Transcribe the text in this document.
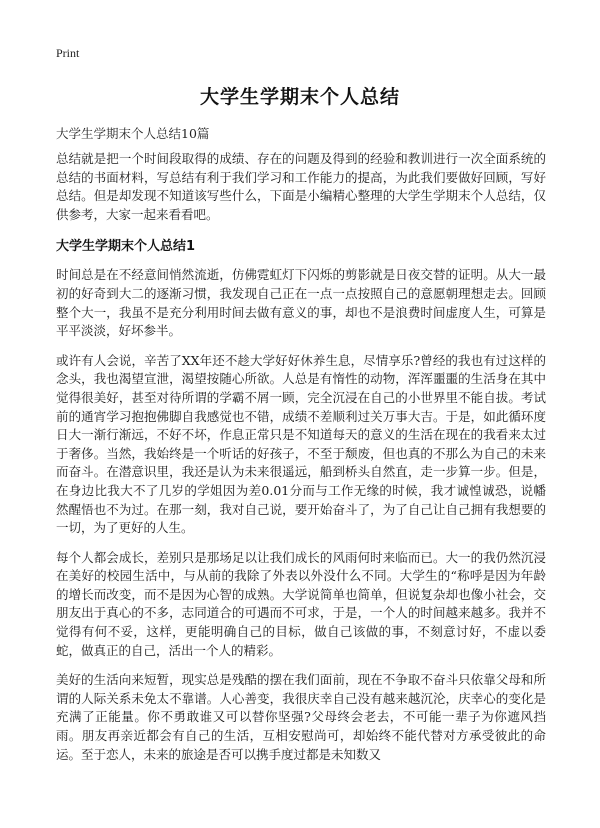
Print
大学生学期末个人总结
大学生学期末个人总结10篇

总结就是把一个时间段取得的成绩、存在的问题及得到的经验和教训进行一次全面系统的总结的书面材料，写总结有利于我们学习和工作能力的提高，为此我们要做好回顾，写好总结。但是却发现不知道该写些什么，下面是小编精心整理的大学生学期末个人总结，仅供参考，大家一起来看看吧。

大学生学期末个人总结1

时间总是在不经意间悄然流逝，仿佛霓虹灯下闪烁的剪影就是日夜交替的证明。从大一最初的好奇到大二的逐渐习惯，我发现自己正在一点一点按照自己的意愿朝理想走去。回顾整个大一，我虽不是充分利用时间去做有意义的事，却也不是浪费时间虚度人生，可算是平平淡淡，好坏参半。

或许有人会说，辛苦了XX年还不趁大学好好休养生息，尽情享乐?曾经的我也有过这样的念头，我也渴望宣泄，渴望按随心所欲。人总是有惰性的动物，浑浑噩噩的生活身在其中觉得很美好，甚至对待所谓的学霸不屑一顾，完全沉浸在自己的小世界里不能自拔。考试前的通宵学习抱抱佛脚自我感觉也不错，成绩不差顺利过关万事大吉。于是，如此循环度日大一渐行渐远，不好不坏，作息正常只是不知道每天的意义的生活在现在的我看来太过于奢侈。当然，我始终是一个听话的好孩子，不至于颓废，但也真的不那么为自己的未来而奋斗。在潜意识里，我还是认为未来很遥远，船到桥头自然直，走一步算一步。但是，在身边比我大不了几岁的学姐因为差0.01分而与工作无缘的时候，我才诚惶诚恐，说幡然醒悟也不为过。在那一刻，我对自己说，要开始奋斗了，为了自己让自己拥有我想要的一切，为了更好的人生。

每个人都会成长，差别只是那场足以让我们成长的风雨何时来临而已。大一的我仍然沉浸在美好的校园生活中，与从前的我除了外表以外没什么不同。大学生的“称呼是因为年龄的增长而改变，而不是因为心智的成熟。大学说简单也简单，但说复杂却也像小社会，交朋友出于真心的不多，志同道合的可遇而不可求，于是，一个人的时间越来越多。我并不觉得有何不妥，这样，更能明确自己的目标，做自己该做的事，不刻意讨好，不虚以委蛇，做真正的自己，活出一个人的精彩。

美好的生活向来短暂，现实总是残酷的摆在我们面前，现在不争取不奋斗只依靠父母和所谓的人际关系未免太不靠谱。人心善变，我很庆幸自己没有越来越沉沦，庆幸心的变化是充满了正能量。你不勇敢谁又可以替你坚强?父母终会老去，不可能一辈子为你遮风挡雨。朋友再亲近都会有自己的生活，互相安慰尚可，却始终不能代替对方承受彼此的命运。至于恋人，未来的旅途是否可以携手度过都是未知数又
